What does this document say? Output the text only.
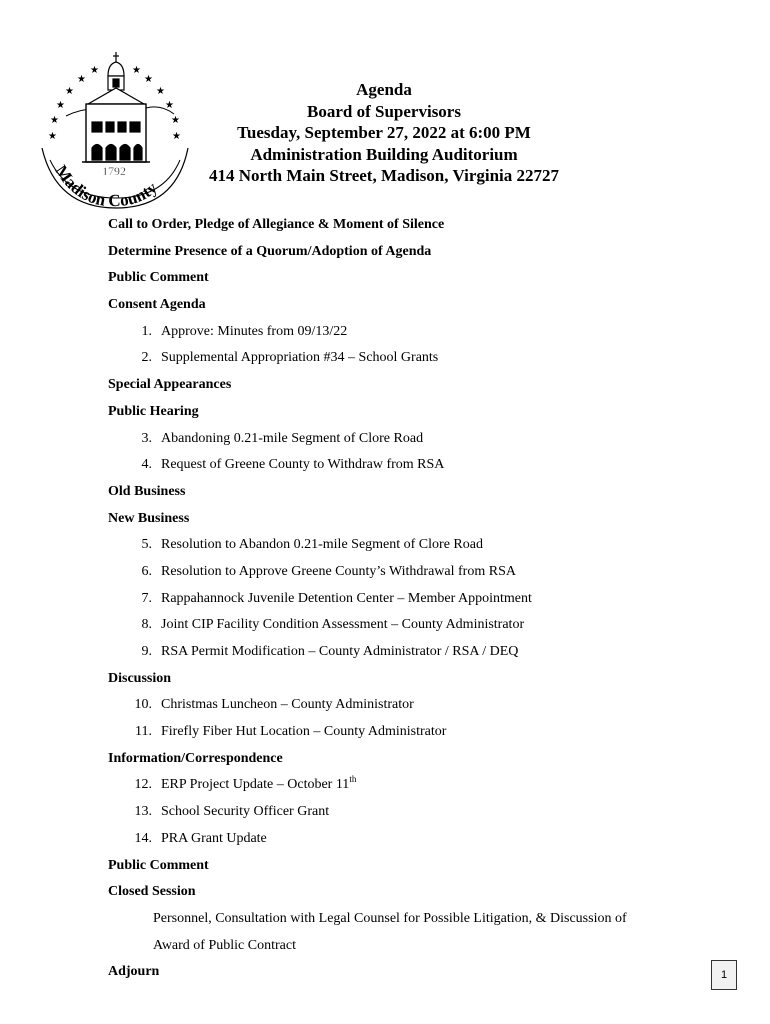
★
★
★
★
★
★	★
★
★
★
★
★
Madison County
1792
Agenda
Board of Supervisors
Tuesday, September 27, 2022 at 6:00 PM
Administration Building Auditorium
414 North Main Street, Madison, Virginia 22727
Call to Order, Pledge of Allegiance & Moment of Silence
Determine Presence of a Quorum/Adoption of Agenda
Public Comment
Consent Agenda
1. Approve: Minutes from 09/13/22
2. Supplemental Appropriation #34 – School Grants
Special Appearances
Public Hearing
3. Abandoning 0.21-mile Segment of Clore Road
4. Request of Greene County to Withdraw from RSA
Old Business
New Business
5. Resolution to Abandon 0.21-mile Segment of Clore Road
6. Resolution to Approve Greene County’s Withdrawal from RSA
7. Rappahannock Juvenile Detention Center – Member Appointment
8. Joint CIP Facility Condition Assessment – County Administrator
9. RSA Permit Modification – County Administrator / RSA / DEQ
Discussion
10. Christmas Luncheon – County Administrator
11. Firefly Fiber Hut Location – County Administrator
Information/Correspondence
12. ERP Project Update – October 11th
13. School Security Officer Grant
14. PRA Grant Update
Public Comment
Closed Session
Personnel, Consultation with Legal Counsel for Possible Litigation, & Discussion of
Award of Public Contract
Adjourn	1
